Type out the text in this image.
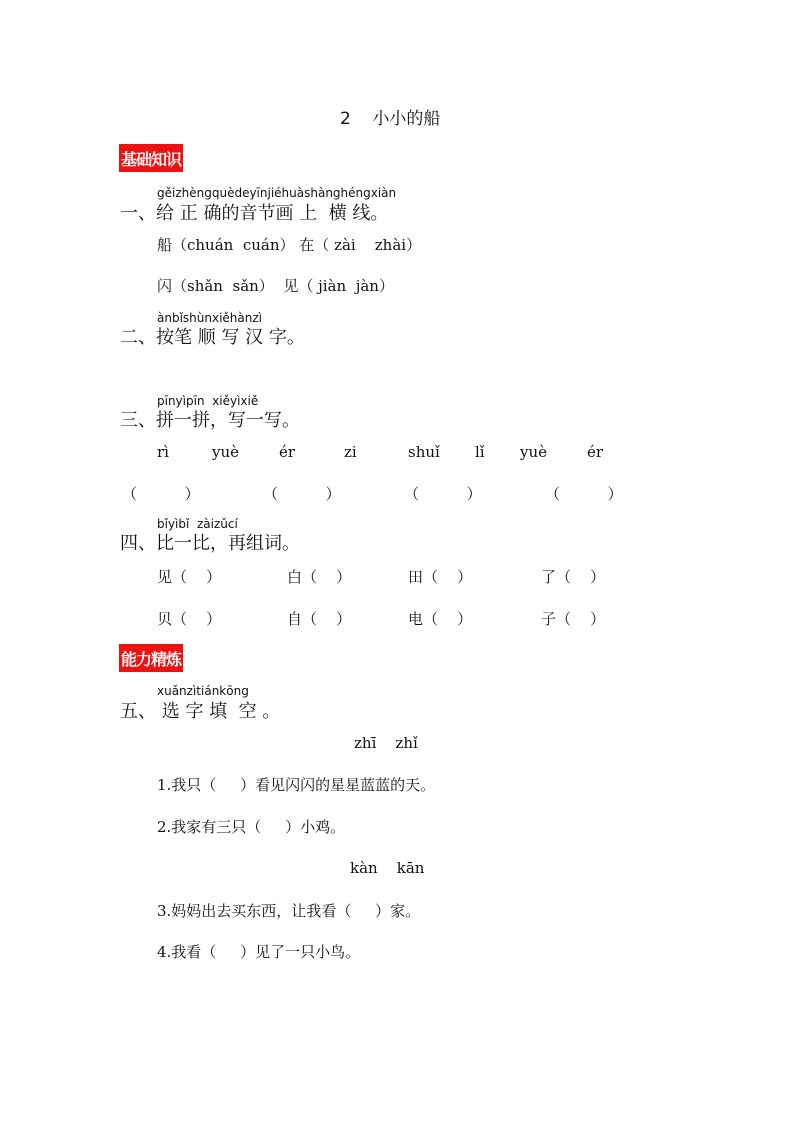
2    小小的船
基础知识
gěizhèngquèdeyīnjiéhuàshànghéngxiàn
一、给 正 确的音节画 上  横 线。
船（chuán  cuán） 在（ zài    zhài）
闪（shǎn  sǎn）  见（ jiàn  jàn）
ànbǐshùnxiěhànzì
二、按笔 顺 写 汉 字。
pīnyìpīn  xiěyìxiě
三、拼一拼，写一写。
rì	yuè	ér	zi	shuǐ lǐ yuè	ér
（          ）	（          ）	（          ）	（          ）
bǐyìbǐ  zàizǔcí
四、比一比，再组词。
见（    ）	白（    ）	田（    ）	了（    ）
贝（    ）	自（    ）	电（    ）	子（    ）
能力精炼
xuǎnzìtiánkōng
五、 选 字 填  空 。
zhī    zhǐ
1.我只（     ）看见闪闪的星星蓝蓝的天。
2.我家有三只（     ）小鸡。
kàn    kān
3.妈妈出去买东西，让我看（     ）家。
4.我看（     ）见了一只小鸟。
